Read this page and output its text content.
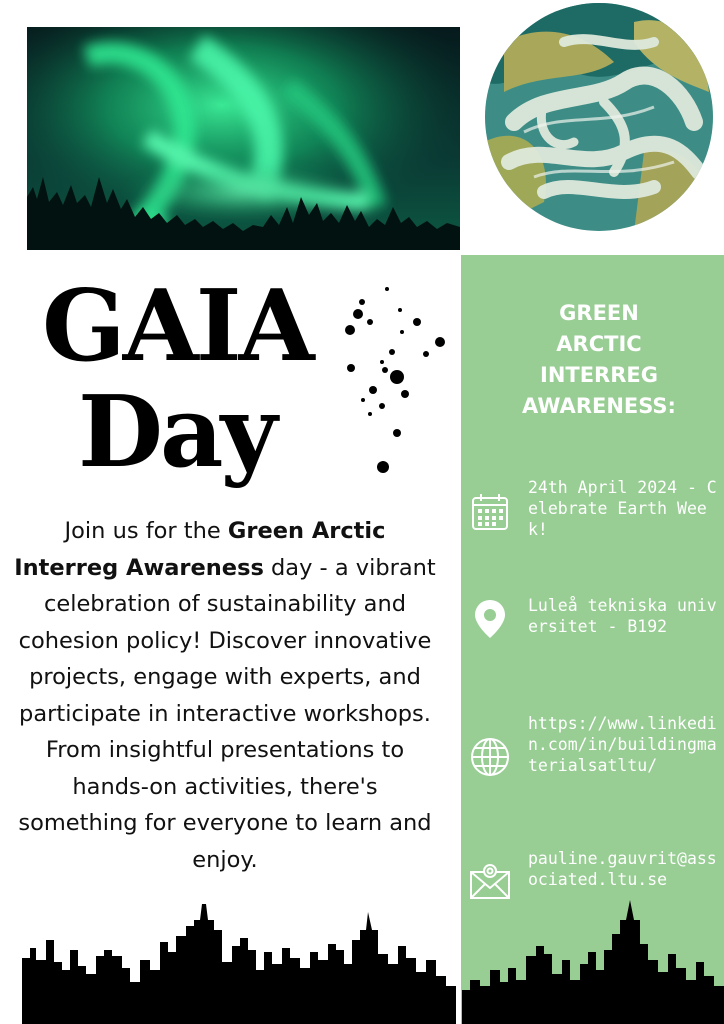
GREEN
ARCTIC
INTERREG
AWARENESS:
24th April 2024 - Celebrate Earth Week!
Luleå tekniska universitet - B192
https://www.linkedin.com/in/buildingmaterialsatltu/
pauline.gauvrit@associated.ltu.se
GAIA
Day
Join us for the Green Arctic Interreg Awareness day - a vibrant celebration of sustainability and cohesion policy! Discover innovative projects, engage with experts, and participate in interactive workshops. From insightful presentations to hands-on activities, there's something for everyone to learn and enjoy.
